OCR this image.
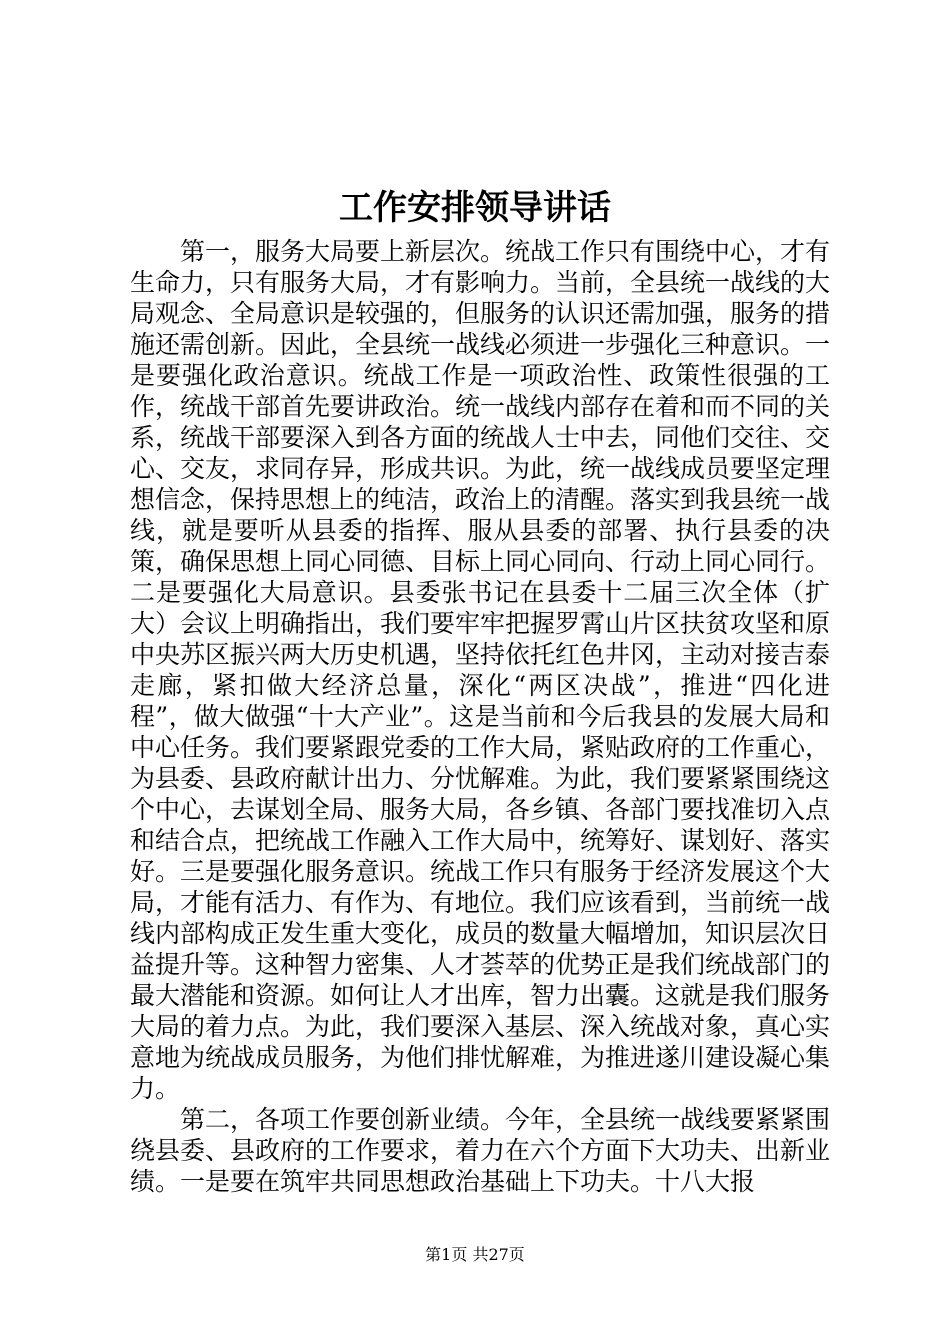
工作安排领导讲话

第一，服务大局要上新层次。统战工作只有围绕中心，才有生命力，只有服务大局，才有影响力。当前，全县统一战线的大局观念、全局意识是较强的，但服务的认识还需加强，服务的措施还需创新。因此，全县统一战线必须进一步强化三种意识。一是要强化政治意识。统战工作是一项政治性、政策性很强的工作，统战干部首先要讲政治。统一战线内部存在着和而不同的关系，统战干部要深入到各方面的统战人士中去，同他们交往、交心、交友，求同存异，形成共识。为此，统一战线成员要坚定理想信念，保持思想上的纯洁，政治上的清醒。落实到我县统一战线，就是要听从县委的指挥、服从县委的部署、执行县委的决策，确保思想上同心同德、目标上同心同向、行动上同心同行。二是要强化大局意识。县委张书记在县委十二届三次全体（扩大）会议上明确指出，我们要牢牢把握罗霄山片区扶贫攻坚和原中央苏区振兴两大历史机遇，坚持依托红色井冈，主动对接吉泰走廊，紧扣做大经济总量，深化“两区决战”，推进“四化进程”，做大做强“十大产业”。这是当前和今后我县的发展大局和中心任务。我们要紧跟党委的工作大局，紧贴政府的工作重心，为县委、县政府献计出力、分忧解难。为此，我们要紧紧围绕这个中心，去谋划全局、服务大局，各乡镇、各部门要找准切入点和结合点，把统战工作融入工作大局中，统筹好、谋划好、落实好。三是要强化服务意识。统战工作只有服务于经济发展这个大局，才能有活力、有作为、有地位。我们应该看到，当前统一战线内部构成正发生重大变化，成员的数量大幅增加，知识层次日益提升等。这种智力密集、人才荟萃的优势正是我们统战部门的最大潜能和资源。如何让人才出库，智力出囊。这就是我们服务大局的着力点。为此，我们要深入基层、深入统战对象，真心实意地为统战成员服务，为他们排忧解难，为推进遂川建设凝心集力。

第二，各项工作要创新业绩。今年，全县统一战线要紧紧围绕县委、县政府的工作要求，着力在六个方面下大功夫、出新业绩。一是要在筑牢共同思想政治基础上下功夫。十八大报

第1页 共27页
